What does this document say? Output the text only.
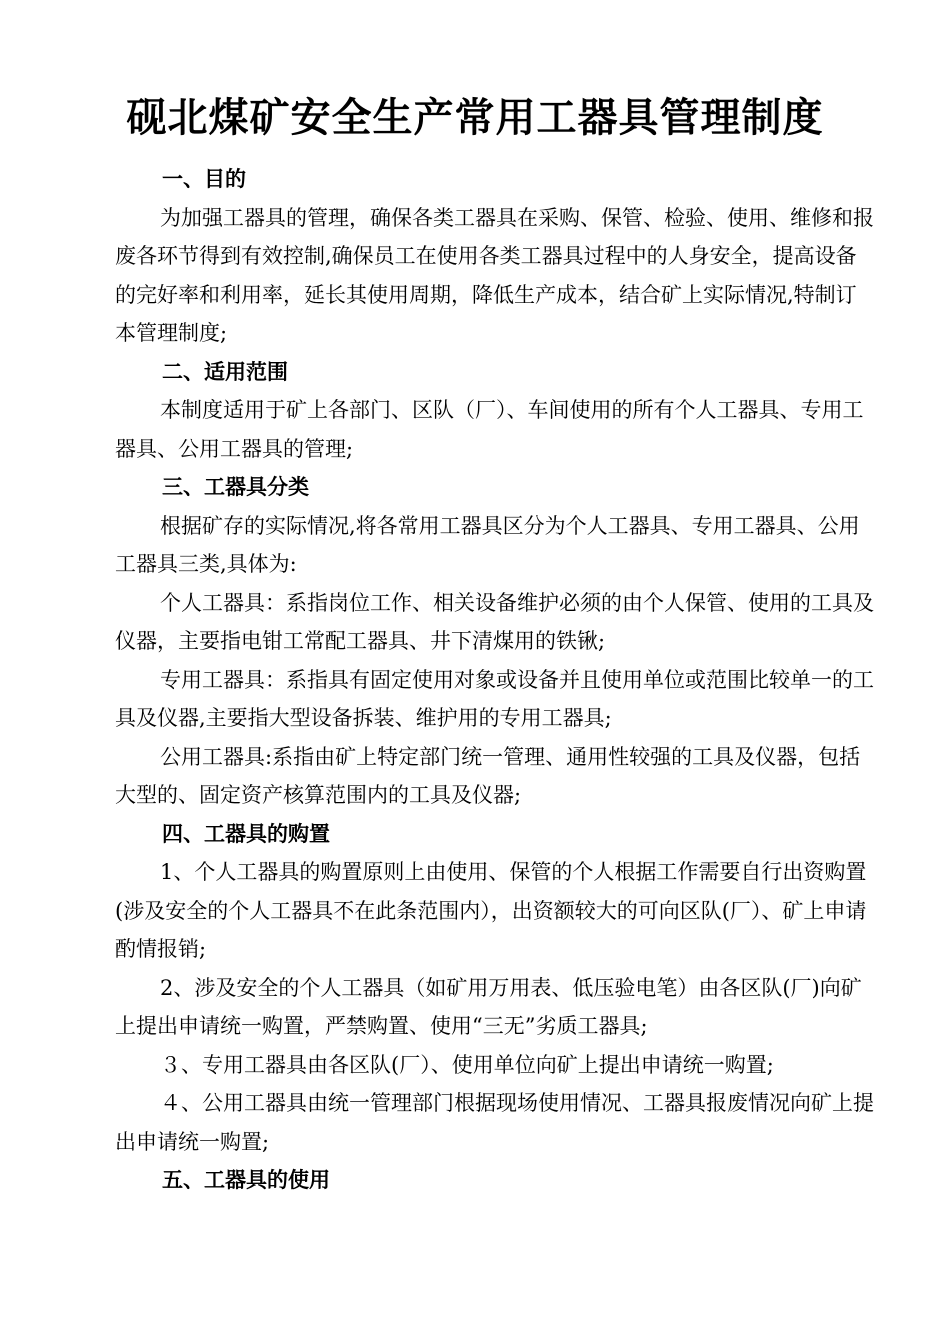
砚北煤矿安全生产常用工器具管理制度

一、目的

为加强工器具的管理，确保各类工器具在采购、保管、检验、使用、维修和报废各环节得到有效控制,确保员工在使用各类工器具过程中的人身安全，提高设备的完好率和利用率，延长其使用周期，降低生产成本，结合矿上实际情况,特制订本管理制度;

二、适用范围

本制度适用于矿上各部门、区队（厂）、车间使用的所有个人工器具、专用工器具、公用工器具的管理;

三、工器具分类

根据矿存的实际情况,将各常用工器具区分为个人工器具、专用工器具、公用工器具三类,具体为:

个人工器具：系指岗位工作、相关设备维护必须的由个人保管、使用的工具及仪器，主要指电钳工常配工器具、井下清煤用的铁锹;

专用工器具：系指具有固定使用对象或设备并且使用单位或范围比较单一的工具及仪器,主要指大型设备拆装、维护用的专用工器具;

公用工器具:系指由矿上特定部门统一管理、通用性较强的工具及仪器，包括大型的、固定资产核算范围内的工具及仪器;

四、工器具的购置

1、个人工器具的购置原则上由使用、保管的个人根据工作需要自行出资购置(涉及安全的个人工器具不在此条范围内），出资额较大的可向区队(厂）、矿上申请酌情报销;

2、涉及安全的个人工器具（如矿用万用表、低压验电笔）由各区队(厂)向矿上提出申请统一购置，严禁购置、使用“三无”劣质工器具;

３、专用工器具由各区队(厂）、使用单位向矿上提出申请统一购置;

４、公用工器具由统一管理部门根据现场使用情况、工器具报废情况向矿上提出申请统一购置;

五、工器具的使用
